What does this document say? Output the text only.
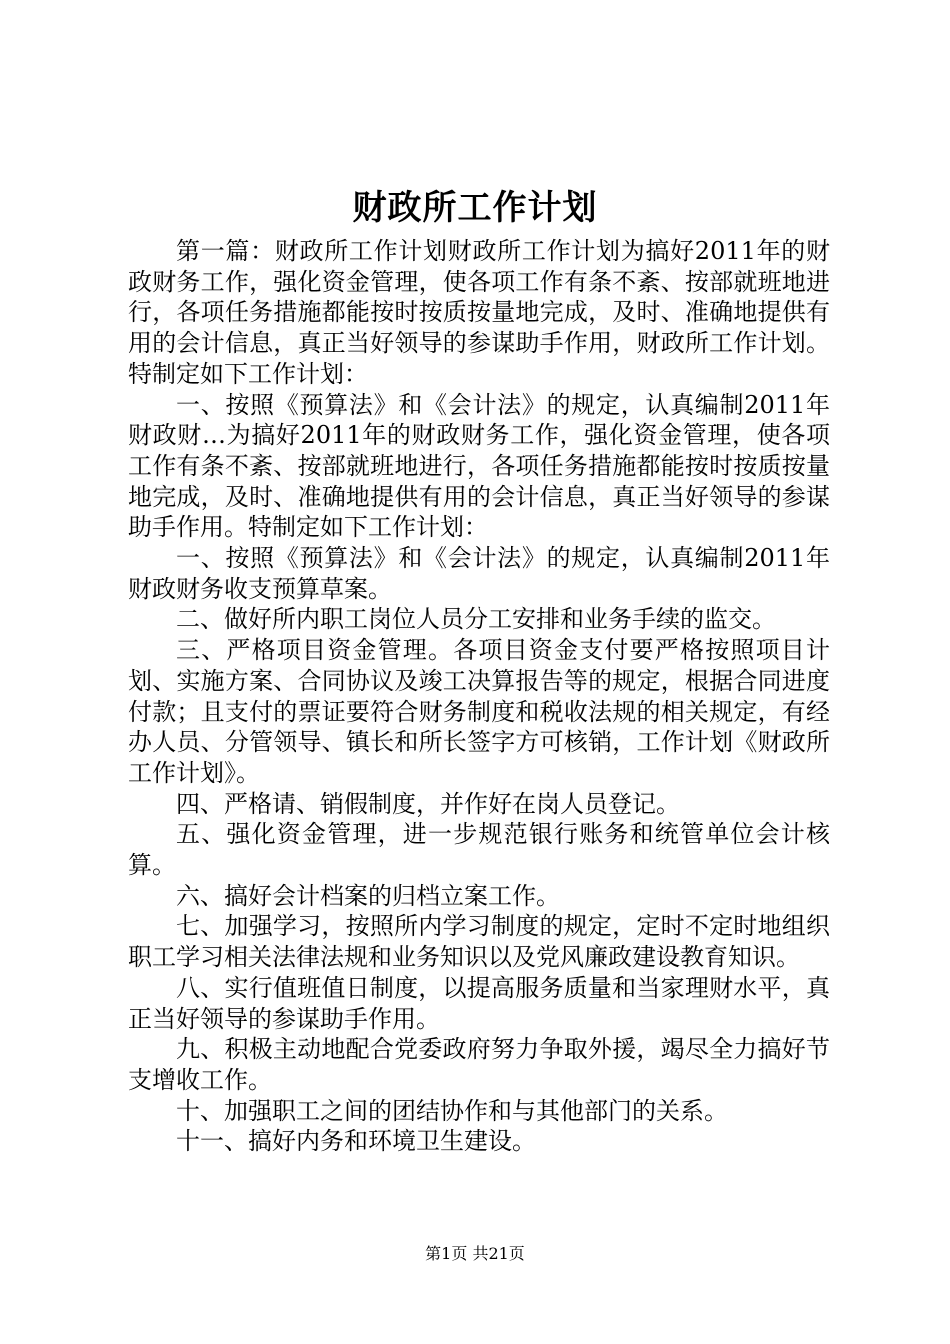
财政所工作计划

第一篇：财政所工作计划财政所工作计划为搞好2011年的财政财务工作，强化资金管理，使各项工作有条不紊、按部就班地进行，各项任务措施都能按时按质按量地完成，及时、准确地提供有用的会计信息，真正当好领导的参谋助手作用，财政所工作计划。特制定如下工作计划：

一、按照《预算法》和《会计法》的规定，认真编制2011年财政财…为搞好2011年的财政财务工作，强化资金管理，使各项工作有条不紊、按部就班地进行，各项任务措施都能按时按质按量地完成，及时、准确地提供有用的会计信息，真正当好领导的参谋助手作用。特制定如下工作计划：

一、按照《预算法》和《会计法》的规定，认真编制2011年财政财务收支预算草案。

二、做好所内职工岗位人员分工安排和业务手续的监交。

三、严格项目资金管理。各项目资金支付要严格按照项目计划、实施方案、合同协议及竣工决算报告等的规定，根据合同进度付款；且支付的票证要符合财务制度和税收法规的相关规定，有经办人员、分管领导、镇长和所长签字方可核销，工作计划《财政所工作计划》。

四、严格请、销假制度，并作好在岗人员登记。

五、强化资金管理，进一步规范银行账务和统管单位会计核算。

六、搞好会计档案的归档立案工作。

七、加强学习，按照所内学习制度的规定，定时不定时地组织职工学习相关法律法规和业务知识以及党风廉政建设教育知识。

八、实行值班值日制度，以提高服务质量和当家理财水平，真正当好领导的参谋助手作用。

九、积极主动地配合党委政府努力争取外援，竭尽全力搞好节支增收工作。

十、加强职工之间的团结协作和与其他部门的关系。

十一、搞好内务和环境卫生建设。

第1页 共21页
